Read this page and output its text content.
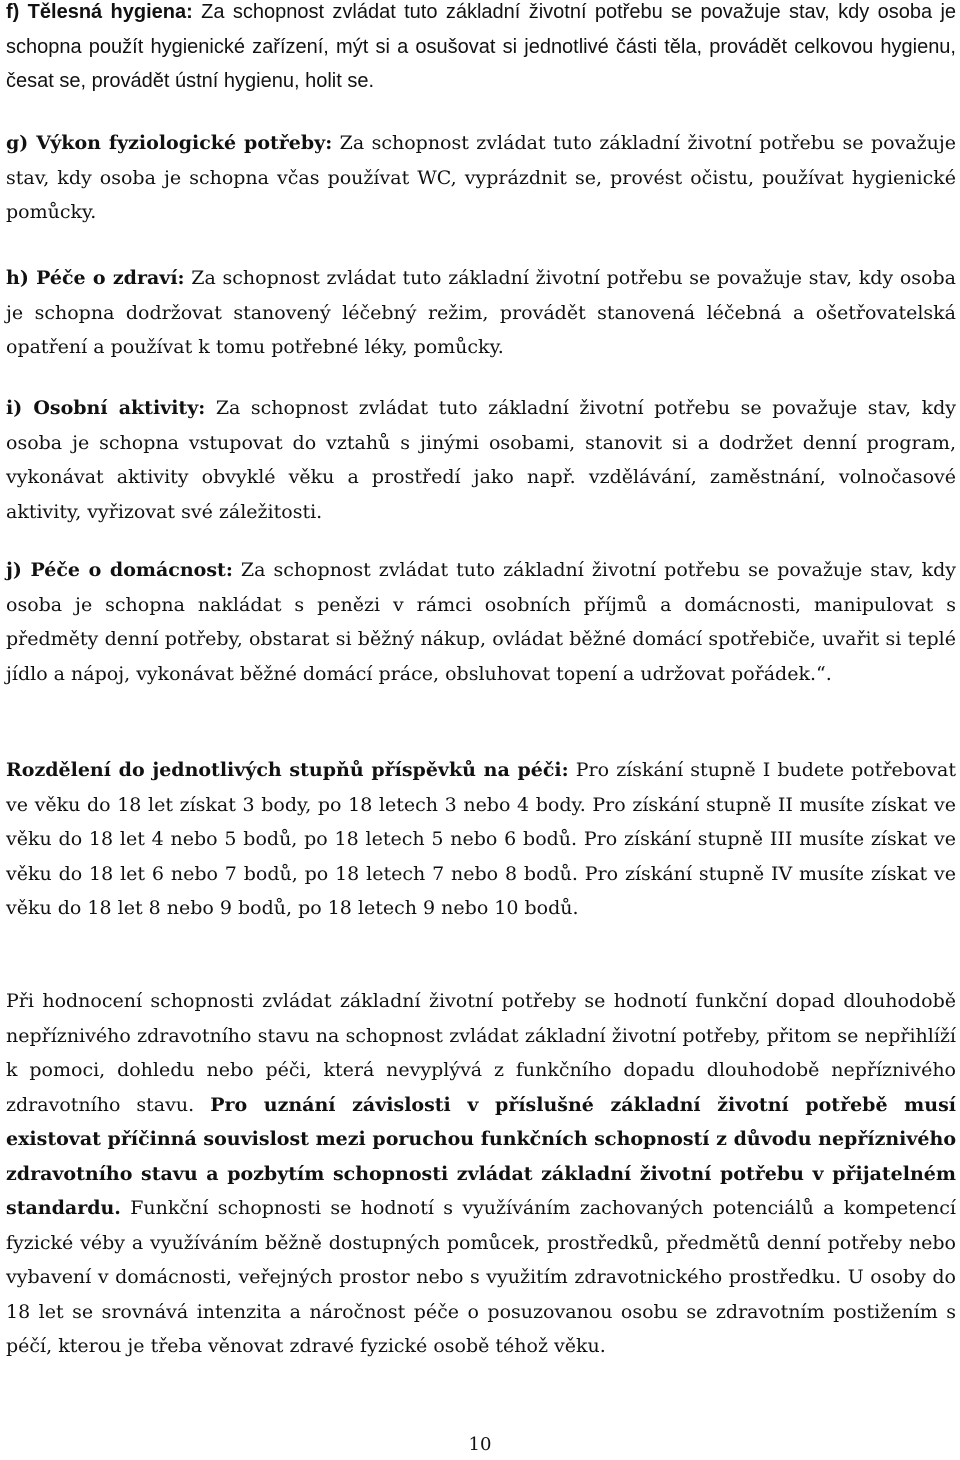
f) Tělesná hygiena: Za schopnost zvládat tuto základní životní potřebu se považuje stav, kdy osoba je schopna použít hygienické zařízení, mýt si a osušovat si jednotlivé části těla, provádět celkovou hygienu, česat se, provádět ústní hygienu, holit se.

g) Výkon fyziologické potřeby: Za schopnost zvládat tuto základní životní potřebu se považuje stav, kdy osoba je schopna včas používat WC, vyprázdnit se, provést očistu, používat hygienické pomůcky.

h) Péče o zdraví: Za schopnost zvládat tuto základní životní potřebu se považuje stav, kdy osoba je schopna dodržovat stanovený léčebný režim, provádět stanovená léčebná a ošetřovatelská opatření a používat k tomu potřebné léky, pomůcky.

i) Osobní aktivity: Za schopnost zvládat tuto základní životní potřebu se považuje stav, kdy osoba je schopna vstupovat do vztahů s jinými osobami, stanovit si a dodržet denní program, vykonávat aktivity obvyklé věku a prostředí jako např. vzdělávání, zaměstnání, volnočasové aktivity, vyřizovat své záležitosti.

j) Péče o domácnost: Za schopnost zvládat tuto základní životní potřebu se považuje stav, kdy osoba je schopna nakládat s penězi v rámci osobních příjmů a domácnosti, manipulovat s předměty denní potřeby, obstarat si běžný nákup, ovládat běžné domácí spotřebiče, uvařit si teplé jídlo a nápoj, vykonávat běžné domácí práce, obsluhovat topení a udržovat pořádek.“.

Rozdělení do jednotlivých stupňů příspěvků na péči: Pro získání stupně I budete potřebovat ve věku do 18 let získat 3 body, po 18 letech 3 nebo 4 body. Pro získání stupně II musíte získat ve věku do 18 let 4 nebo 5 bodů, po 18 letech 5 nebo 6 bodů. Pro získání stupně III musíte získat ve věku do 18 let 6 nebo 7 bodů, po 18 letech 7 nebo 8 bodů. Pro získání stupně IV musíte získat ve věku do 18 let 8 nebo 9 bodů, po 18 letech 9 nebo 10 bodů.

Při hodnocení schopnosti zvládat základní životní potřeby se hodnotí funkční dopad dlouhodobě nepříznivého zdravotního stavu na schopnost zvládat základní životní potřeby, přitom se nepřihlíží k pomoci, dohledu nebo péči, která nevyplývá z funkčního dopadu dlouhodobě nepříznivého zdravotního stavu. Pro uznání závislosti v příslušné základní životní potřebě musí existovat příčinná souvislost mezi poruchou funkčních schopností z důvodu nepříznivého zdravotního stavu a pozbytím schopnosti zvládat základní životní potřebu v přijatelném standardu. Funkční schopnosti se hodnotí s využíváním zachovaných potenciálů a kompetencí fyzické véby a využíváním běžně dostupných pomůcek, prostředků, předmětů denní potřeby nebo vybavení v domácnosti, veřejných prostor nebo s využitím zdravotnického prostředku. U osoby do 18 let se srovnává intenzita a náročnost péče o posuzovanou osobu se zdravotním postižením s péčí, kterou je třeba věnovat zdravé fyzické osobě téhož věku.

10
